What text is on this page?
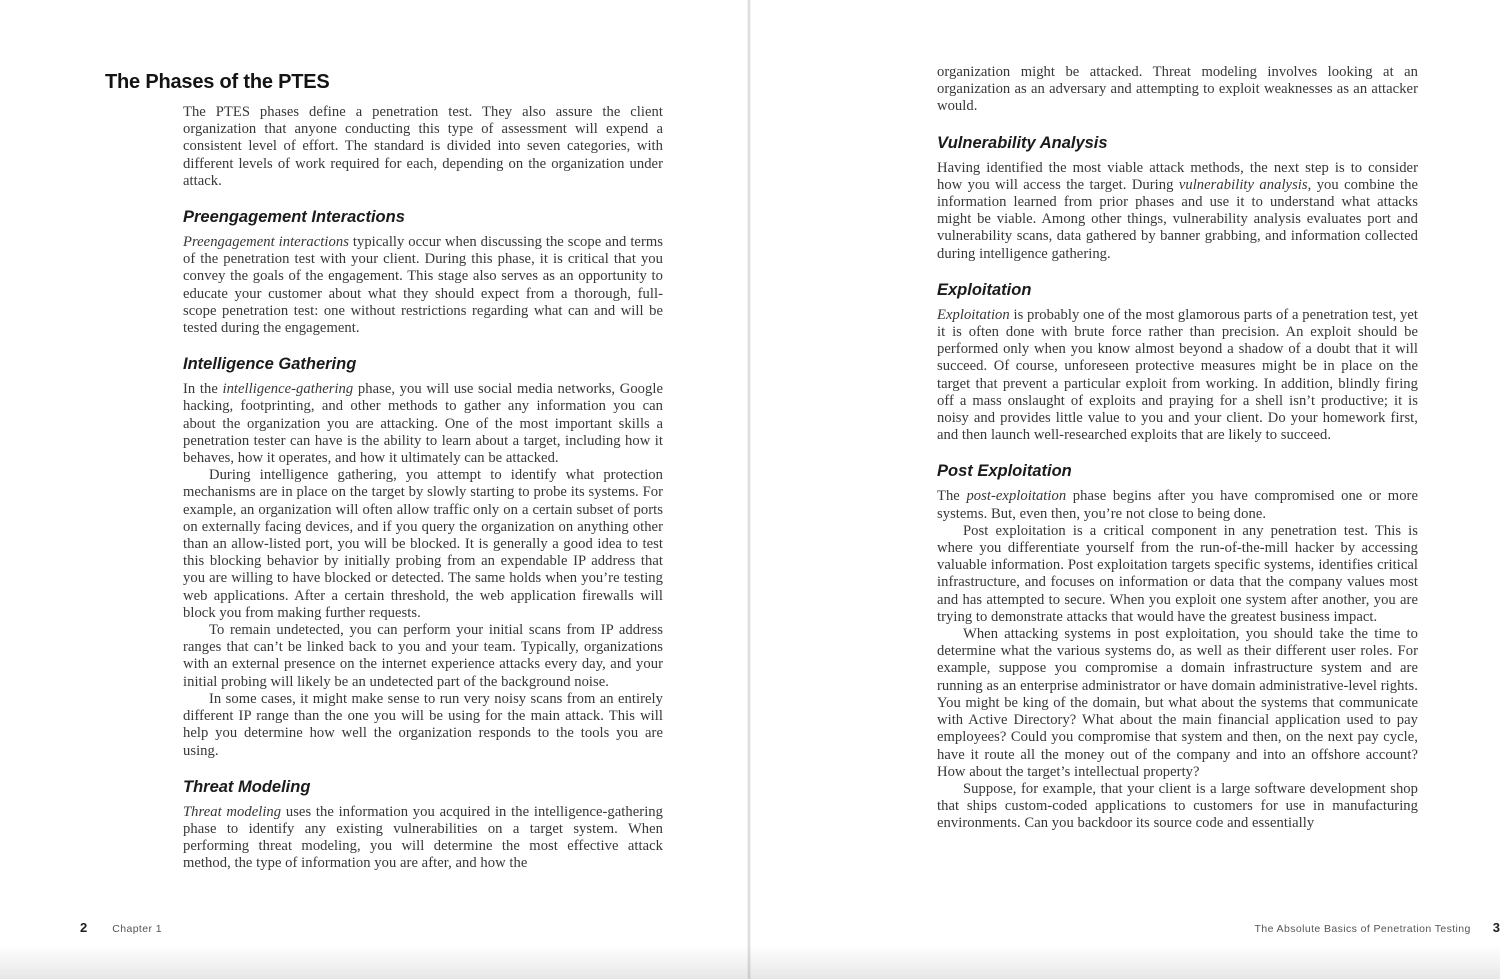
The Phases of the PTES

The PTES phases define a penetration test. They also assure the client organization that anyone conducting this type of assessment will expend a consistent level of effort. The standard is divided into seven categories, with different levels of work required for each, depending on the organization under attack.

Preengagement Interactions

Preengagement interactions typically occur when discussing the scope and terms of the penetration test with your client. During this phase, it is critical that you convey the goals of the engagement. This stage also serves as an opportunity to educate your customer about what they should expect from a thorough, full-scope penetration test: one without restrictions regarding what can and will be tested during the engagement.

Intelligence Gathering

In the intelligence-gathering phase, you will use social media networks, Google hacking, footprinting, and other methods to gather any information you can about the organization you are attacking. One of the most important skills a penetration tester can have is the ability to learn about a target, including how it behaves, how it operates, and how it ultimately can be attacked.

During intelligence gathering, you attempt to identify what protection mechanisms are in place on the target by slowly starting to probe its systems. For example, an organization will often allow traffic only on a certain subset of ports on externally facing devices, and if you query the organization on anything other than an allow-listed port, you will be blocked. It is generally a good idea to test this blocking behavior by initially probing from an expendable IP address that you are willing to have blocked or detected. The same holds when you’re testing web applications. After a certain threshold, the web application firewalls will block you from making further requests.

To remain undetected, you can perform your initial scans from IP address ranges that can’t be linked back to you and your team. Typically, organizations with an external presence on the internet experience attacks every day, and your initial probing will likely be an undetected part of the background noise.

In some cases, it might make sense to run very noisy scans from an entirely different IP range than the one you will be using for the main attack. This will help you determine how well the organization responds to the tools you are using.

Threat Modeling

Threat modeling uses the information you acquired in the intelligence-gathering phase to identify any existing vulnerabilities on a target system. When performing threat modeling, you will determine the most effective attack method, the type of information you are after, and how the

2 Chapter 1

organization might be attacked. Threat modeling involves looking at an organization as an adversary and attempting to exploit weaknesses as an attacker would.

Vulnerability Analysis

Having identified the most viable attack methods, the next step is to consider how you will access the target. During vulnerability analysis, you combine the information learned from prior phases and use it to understand what attacks might be viable. Among other things, vulnerability analysis evaluates port and vulnerability scans, data gathered by banner grabbing, and information collected during intelligence gathering.

Exploitation

Exploitation is probably one of the most glamorous parts of a penetration test, yet it is often done with brute force rather than precision. An exploit should be performed only when you know almost beyond a shadow of a doubt that it will succeed. Of course, unforeseen protective measures might be in place on the target that prevent a particular exploit from working. In addition, blindly firing off a mass onslaught of exploits and praying for a shell isn’t productive; it is noisy and provides little value to you and your client. Do your homework first, and then launch well-researched exploits that are likely to succeed.

Post Exploitation

The post-exploitation phase begins after you have compromised one or more systems. But, even then, you’re not close to being done.

Post exploitation is a critical component in any penetration test. This is where you differentiate yourself from the run-of-the-mill hacker by accessing valuable information. Post exploitation targets specific systems, identifies critical infrastructure, and focuses on information or data that the company values most and has attempted to secure. When you exploit one system after another, you are trying to demonstrate attacks that would have the greatest business impact.

When attacking systems in post exploitation, you should take the time to determine what the various systems do, as well as their different user roles. For example, suppose you compromise a domain infrastructure system and are running as an enterprise administrator or have domain administrative-level rights. You might be king of the domain, but what about the systems that communicate with Active Directory? What about the main financial application used to pay employees? Could you compromise that system and then, on the next pay cycle, have it route all the money out of the company and into an offshore account? How about the target’s intellectual property?

Suppose, for example, that your client is a large software development shop that ships custom-coded applications to customers for use in manufacturing environments. Can you backdoor its source code and essentially

The Absolute Basics of Penetration Testing 3
